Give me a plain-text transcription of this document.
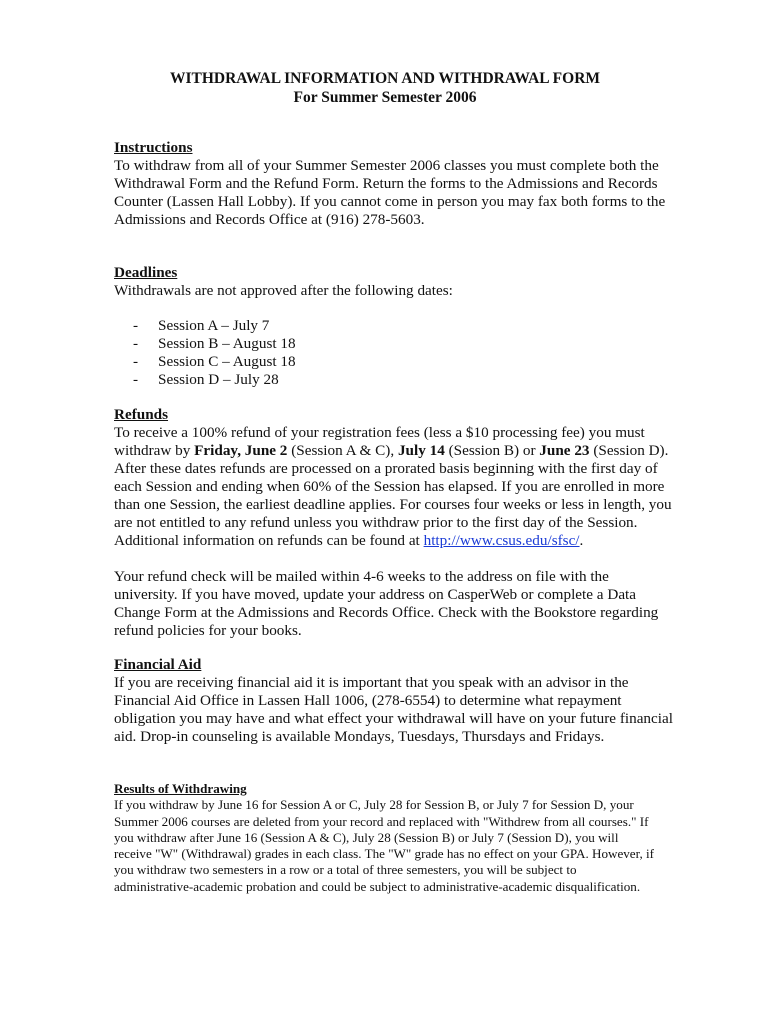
WITHDRAWAL INFORMATION AND WITHDRAWAL FORM
For Summer Semester 2006
Instructions

To withdraw from all of your Summer Semester 2006 classes you must complete both the Withdrawal Form and the Refund Form. Return the forms to the Admissions and Records Counter (Lassen Hall Lobby). If you cannot come in person you may fax both forms to the Admissions and Records Office at (916) 278-5603.

Deadlines

Withdrawals are not approved after the following dates:

- Session A – July 7
- Session B – August 18
- Session C – August 18
- Session D – July 28
Refunds

To receive a 100% refund of your registration fees (less a $10 processing fee) you must withdraw by Friday, June 2 (Session A & C), July 14 (Session B) or June 23 (Session D). After these dates refunds are processed on a prorated basis beginning with the first day of each Session and ending when 60% of the Session has elapsed. If you are enrolled in more than one Session, the earliest deadline applies. For courses four weeks or less in length, you are not entitled to any refund unless you withdraw prior to the first day of the Session. Additional information on refunds can be found at http://www.csus.edu/sfsc/.

Your refund check will be mailed within 4-6 weeks to the address on file with the university. If you have moved, update your address on CasperWeb or complete a Data Change Form at the Admissions and Records Office. Check with the Bookstore regarding refund policies for your books.

Financial Aid

If you are receiving financial aid it is important that you speak with an advisor in the Financial Aid Office in Lassen Hall 1006, (278-6554) to determine what repayment obligation you may have and what effect your withdrawal will have on your future financial aid. Drop-in counseling is available Mondays, Tuesdays, Thursdays and Fridays.

Results of Withdrawing

If you withdraw by June 16 for Session A or C, July 28 for Session B, or July 7 for Session D, your Summer 2006 courses are deleted from your record and replaced with "Withdrew from all courses." If you withdraw after June 16 (Session A & C), July 28 (Session B) or July 7 (Session D), you will receive "W" (Withdrawal) grades in each class. The "W" grade has no effect on your GPA. However, if you withdraw two semesters in a row or a total of three semesters, you will be subject to administrative-academic probation and could be subject to administrative-academic disqualification.
